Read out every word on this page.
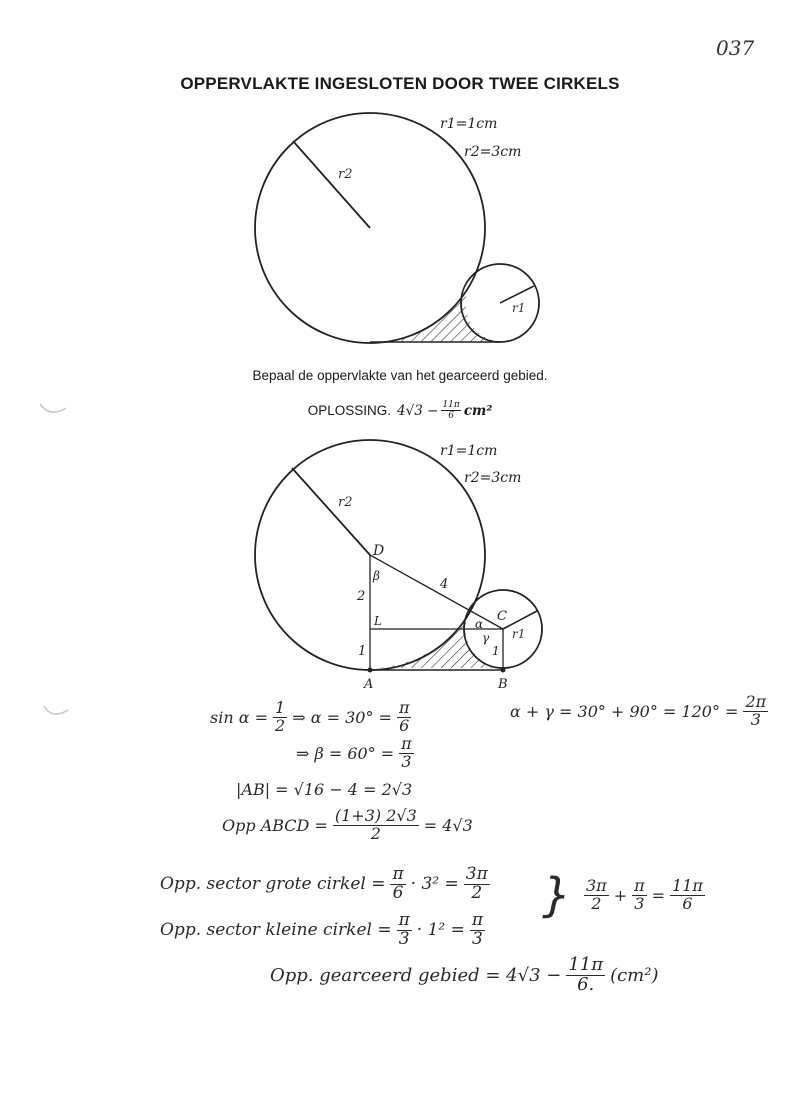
037
OPPERVLAKTE INGESLOTEN DOOR TWEE CIRKELS
r2
r1
r1=1cm
r2=3cm
Bepaal de oppervlakte van het gearceerd gebied.
OPLOSSING. $4√3 - \frac{11\pi}{6} cm^2$
r2
r1
r1=1cm
r2=3cm
D
C
L
A	B
4
2
1	1
β
α
γ
$\sin \alpha = \frac{1}{2}$ ⇒ $\alpha = 30^\circ = \frac{\pi}{6}$
⇒ $\beta = 60^\circ = \frac{\pi}{3}$
$\alpha + \gamma = 30^\circ + 90^\circ = 120^\circ = \frac{2\pi}{3}$
|AB| = √16 − 4 = 2√3
Opp ABCD = $\frac{(1+3) 2√3}{2} = 4√3$
Opp. sector grote cirkel = $\frac{\pi}{6} \cdot 3^2 = \frac{3\pi}{2}$
Opp. sector kleine cirkel = $\frac{\pi}{3} \cdot 1^2 = \frac{\pi}{3}$
} $\frac{3\pi}{2} + \frac{\pi}{3} = \frac{11\pi}{6}$
Opp. gearceerd gebied = $4√3 - \frac{11\pi}{6.} (cm^2)$
